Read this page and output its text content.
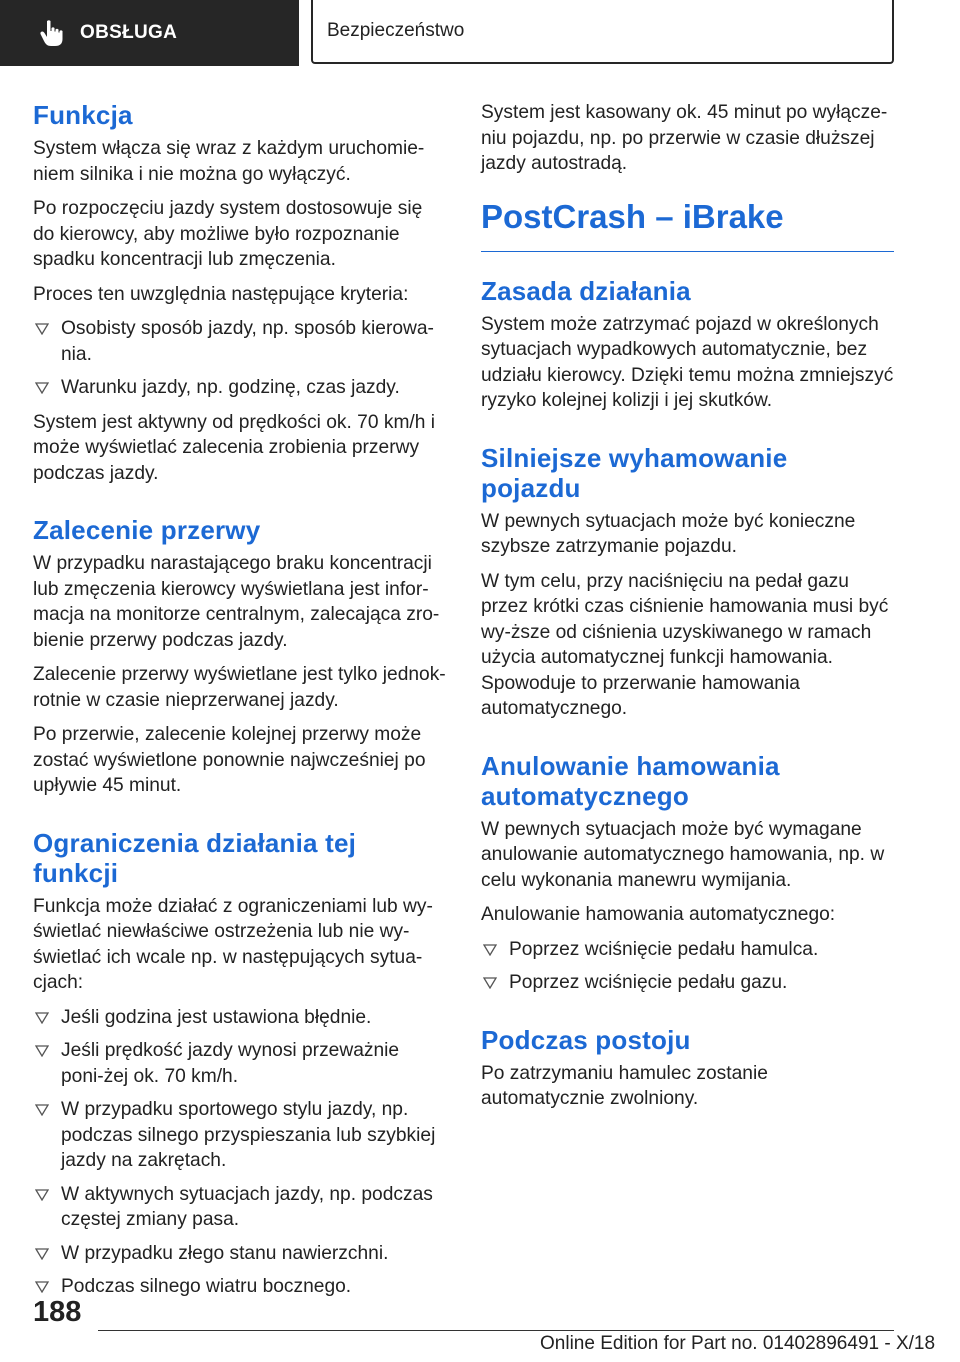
OBSŁUGA	Bezpieczeństwo
Funkcja

System włącza się wraz z każdym uruchomie-niem silnika i nie można go wyłączyć.

Po rozpoczęciu jazdy system dostosowuje się do kierowcy, aby możliwe było rozpoznanie spadku koncentracji lub zmęczenia.

Proces ten uwzględnia następujące kryteria:

Osobisty sposób jazdy, np. sposób kierowa-nia.
Warunku jazdy, np. godzinę, czas jazdy.

System jest aktywny od prędkości ok. 70 km/h i może wyświetlać zalecenia zrobienia przerwy podczas jazdy.

Zalecenie przerwy

W przypadku narastającego braku koncentracji lub zmęczenia kierowcy wyświetlana jest infor-macja na monitorze centralnym, zalecająca zro-bienie przerwy podczas jazdy.

Zalecenie przerwy wyświetlane jest tylko jednok-rotnie w czasie nieprzerwanej jazdy.

Po przerwie, zalecenie kolejnej przerwy może zostać wyświetlone ponownie najwcześniej po upływie 45 minut.

Ograniczenia działania tej funkcji

Funkcja może działać z ograniczeniami lub wy-świetlać niewłaściwe ostrzeżenia lub nie wy-świetlać ich wcale np. w następujących sytua-cjach:

Jeśli godzina jest ustawiona błędnie.
Jeśli prędkość jazdy wynosi przeważnie poni-żej ok. 70 km/h.
W przypadku sportowego stylu jazdy, np. podczas silnego przyspieszania lub szybkiej jazdy na zakrętach.
W aktywnych sytuacjach jazdy, np. podczas częstej zmiany pasa.
W przypadku złego stanu nawierzchni.
Podczas silnego wiatru bocznego.

System jest kasowany ok. 45 minut po wyłącze-niu pojazdu, np. po przerwie w czasie dłuższej jazdy autostradą.

PostCrash – iBrake
Zasada działania

System może zatrzymać pojazd w określonych sytuacjach wypadkowych automatycznie, bez udziału kierowcy. Dzięki temu można zmniejszyć ryzyko kolejnej kolizji i jej skutków.

Silniejsze wyhamowanie pojazdu

W pewnych sytuacjach może być konieczne szybsze zatrzymanie pojazdu.

W tym celu, przy naciśnięciu na pedał gazu przez krótki czas ciśnienie hamowania musi być wy-ższe od ciśnienia uzyskiwanego w ramach użycia automatycznej funkcji hamowania. Spowoduje to przerwanie hamowania automatycznego.

Anulowanie hamowania automatycznego

W pewnych sytuacjach może być wymagane anulowanie automatycznego hamowania, np. w celu wykonania manewru wymijania.

Anulowanie hamowania automatycznego:

Poprzez wciśnięcie pedału hamulca.
Poprzez wciśnięcie pedału gazu.
Podczas postoju

Po zatrzymaniu hamulec zostanie automatycznie zwolniony.

188
Online Edition for Part no. 01402896491 - X/18
